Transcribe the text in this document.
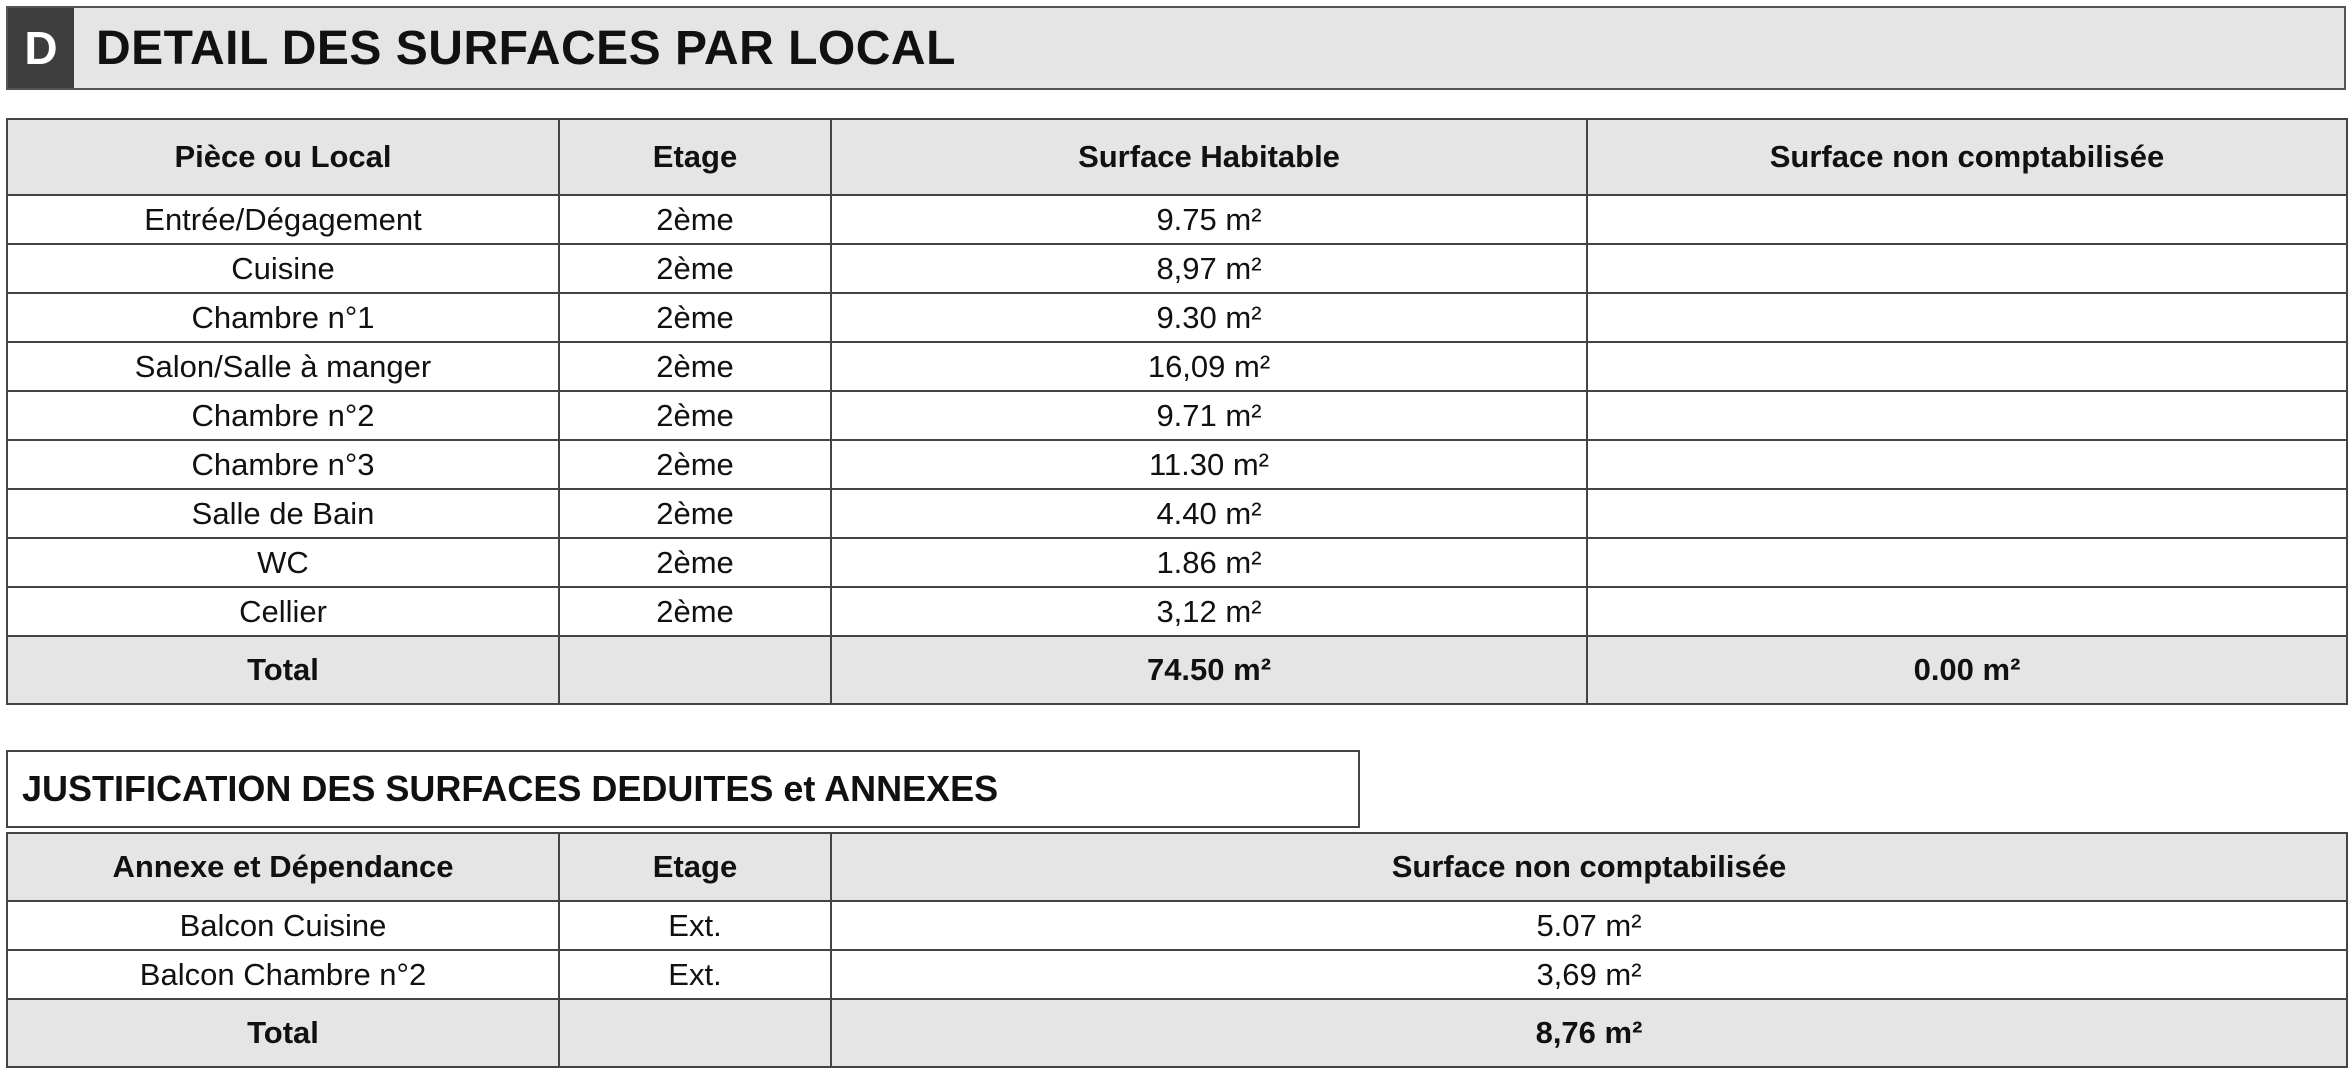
D DETAIL DES SURFACES PAR LOCAL
Pièce ou Local	Etage	Surface Habitable	Surface non comptabilisée
Entrée/Dégagement	2ème	9.75 m²	
Cuisine	2ème	8,97 m²	
Chambre n°1	2ème	9.30 m²	
Salon/Salle à manger	2ème	16,09 m²	
Chambre n°2	2ème	9.71 m²	
Chambre n°3	2ème	11.30 m²	
Salle de Bain	2ème	4.40 m²	
WC	2ème	1.86 m²	
Cellier	2ème	3,12 m²	
Total		74.50 m²	0.00 m²
JUSTIFICATION DES SURFACES DEDUITES et ANNEXES
Annexe et Dépendance	Etage	Surface non comptabilisée
Balcon Cuisine	Ext.	5.07 m²
Balcon Chambre n°2	Ext.	3,69 m²
Total		8,76 m²
